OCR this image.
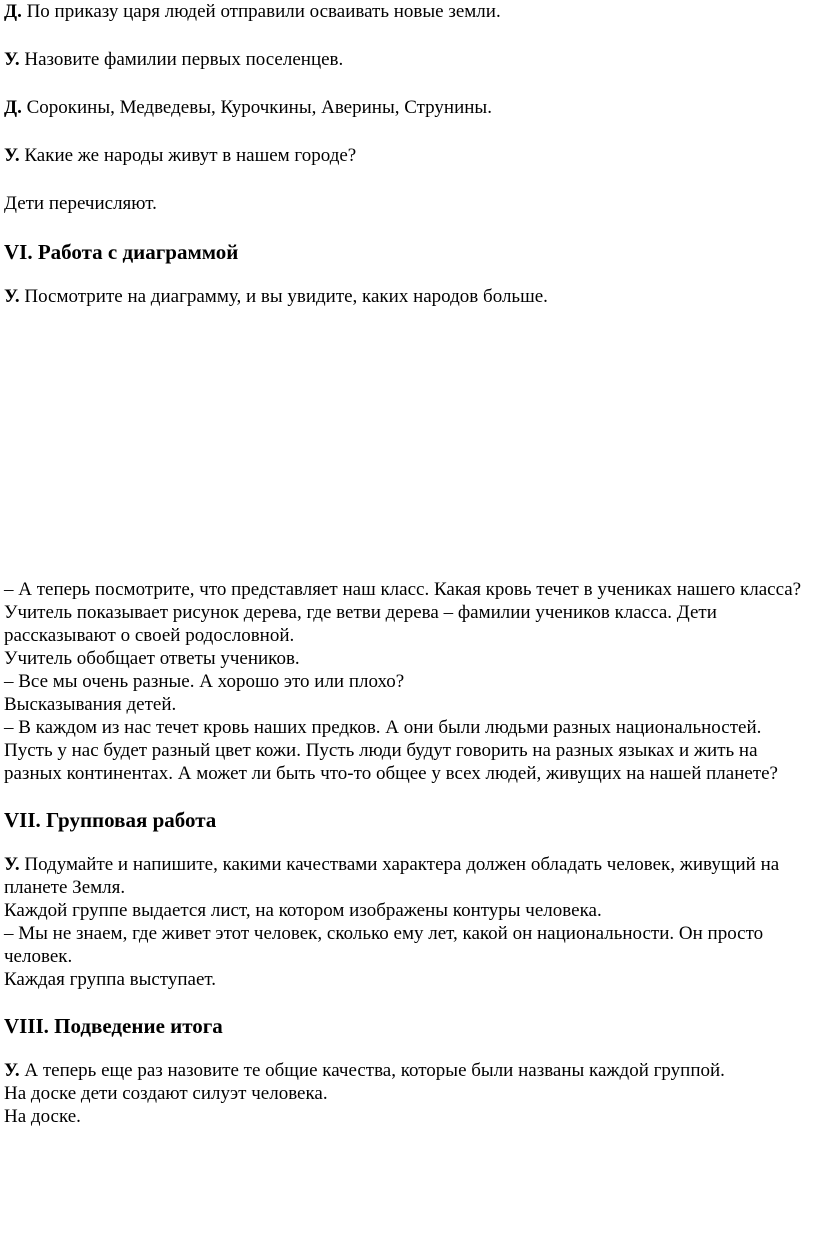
Д. По приказу царя людей отправили осваивать новые земли.

У. Назовите фамилии первых поселенцев.

Д. Сорокины, Медведевы, Курочкины, Аверины, Струнины.

У. Какие же народы живут в нашем городе?

Дети перечисляют.

VI. Работа с диаграммой

У. Посмотрите на диаграмму, и вы увидите, каких народов больше.

– А теперь посмотрите, что представляет наш класс. Какая кровь течет в учениках нашего класса?

Учитель показывает рисунок дерева, где ветви дерева – фамилии учеников класса. Дети рассказывают о своей родословной.

Учитель обобщает ответы учеников.

– Все мы очень разные. А хорошо это или плохо?

Высказывания детей.

– В каждом из нас течет кровь наших предков. А они были людьми разных национальностей. Пусть у нас будет разный цвет кожи. Пусть люди будут говорить на разных языках и жить на разных континентах. А может ли быть что-то общее у всех людей, живущих на нашей планете?

VII. Групповая работа

У. Подумайте и напишите, какими качествами характера должен обладать человек, живущий на планете Земля.

Каждой группе выдается лист, на котором изображены контуры человека.

– Мы не знаем, где живет этот человек, сколько ему лет, какой он национальности. Он просто человек.

Каждая группа выступает.

VIII. Подведение итога

У. А теперь еще раз назовите те общие качества, которые были названы каждой группой.

На доске дети создают силуэт человека.

На доске.
